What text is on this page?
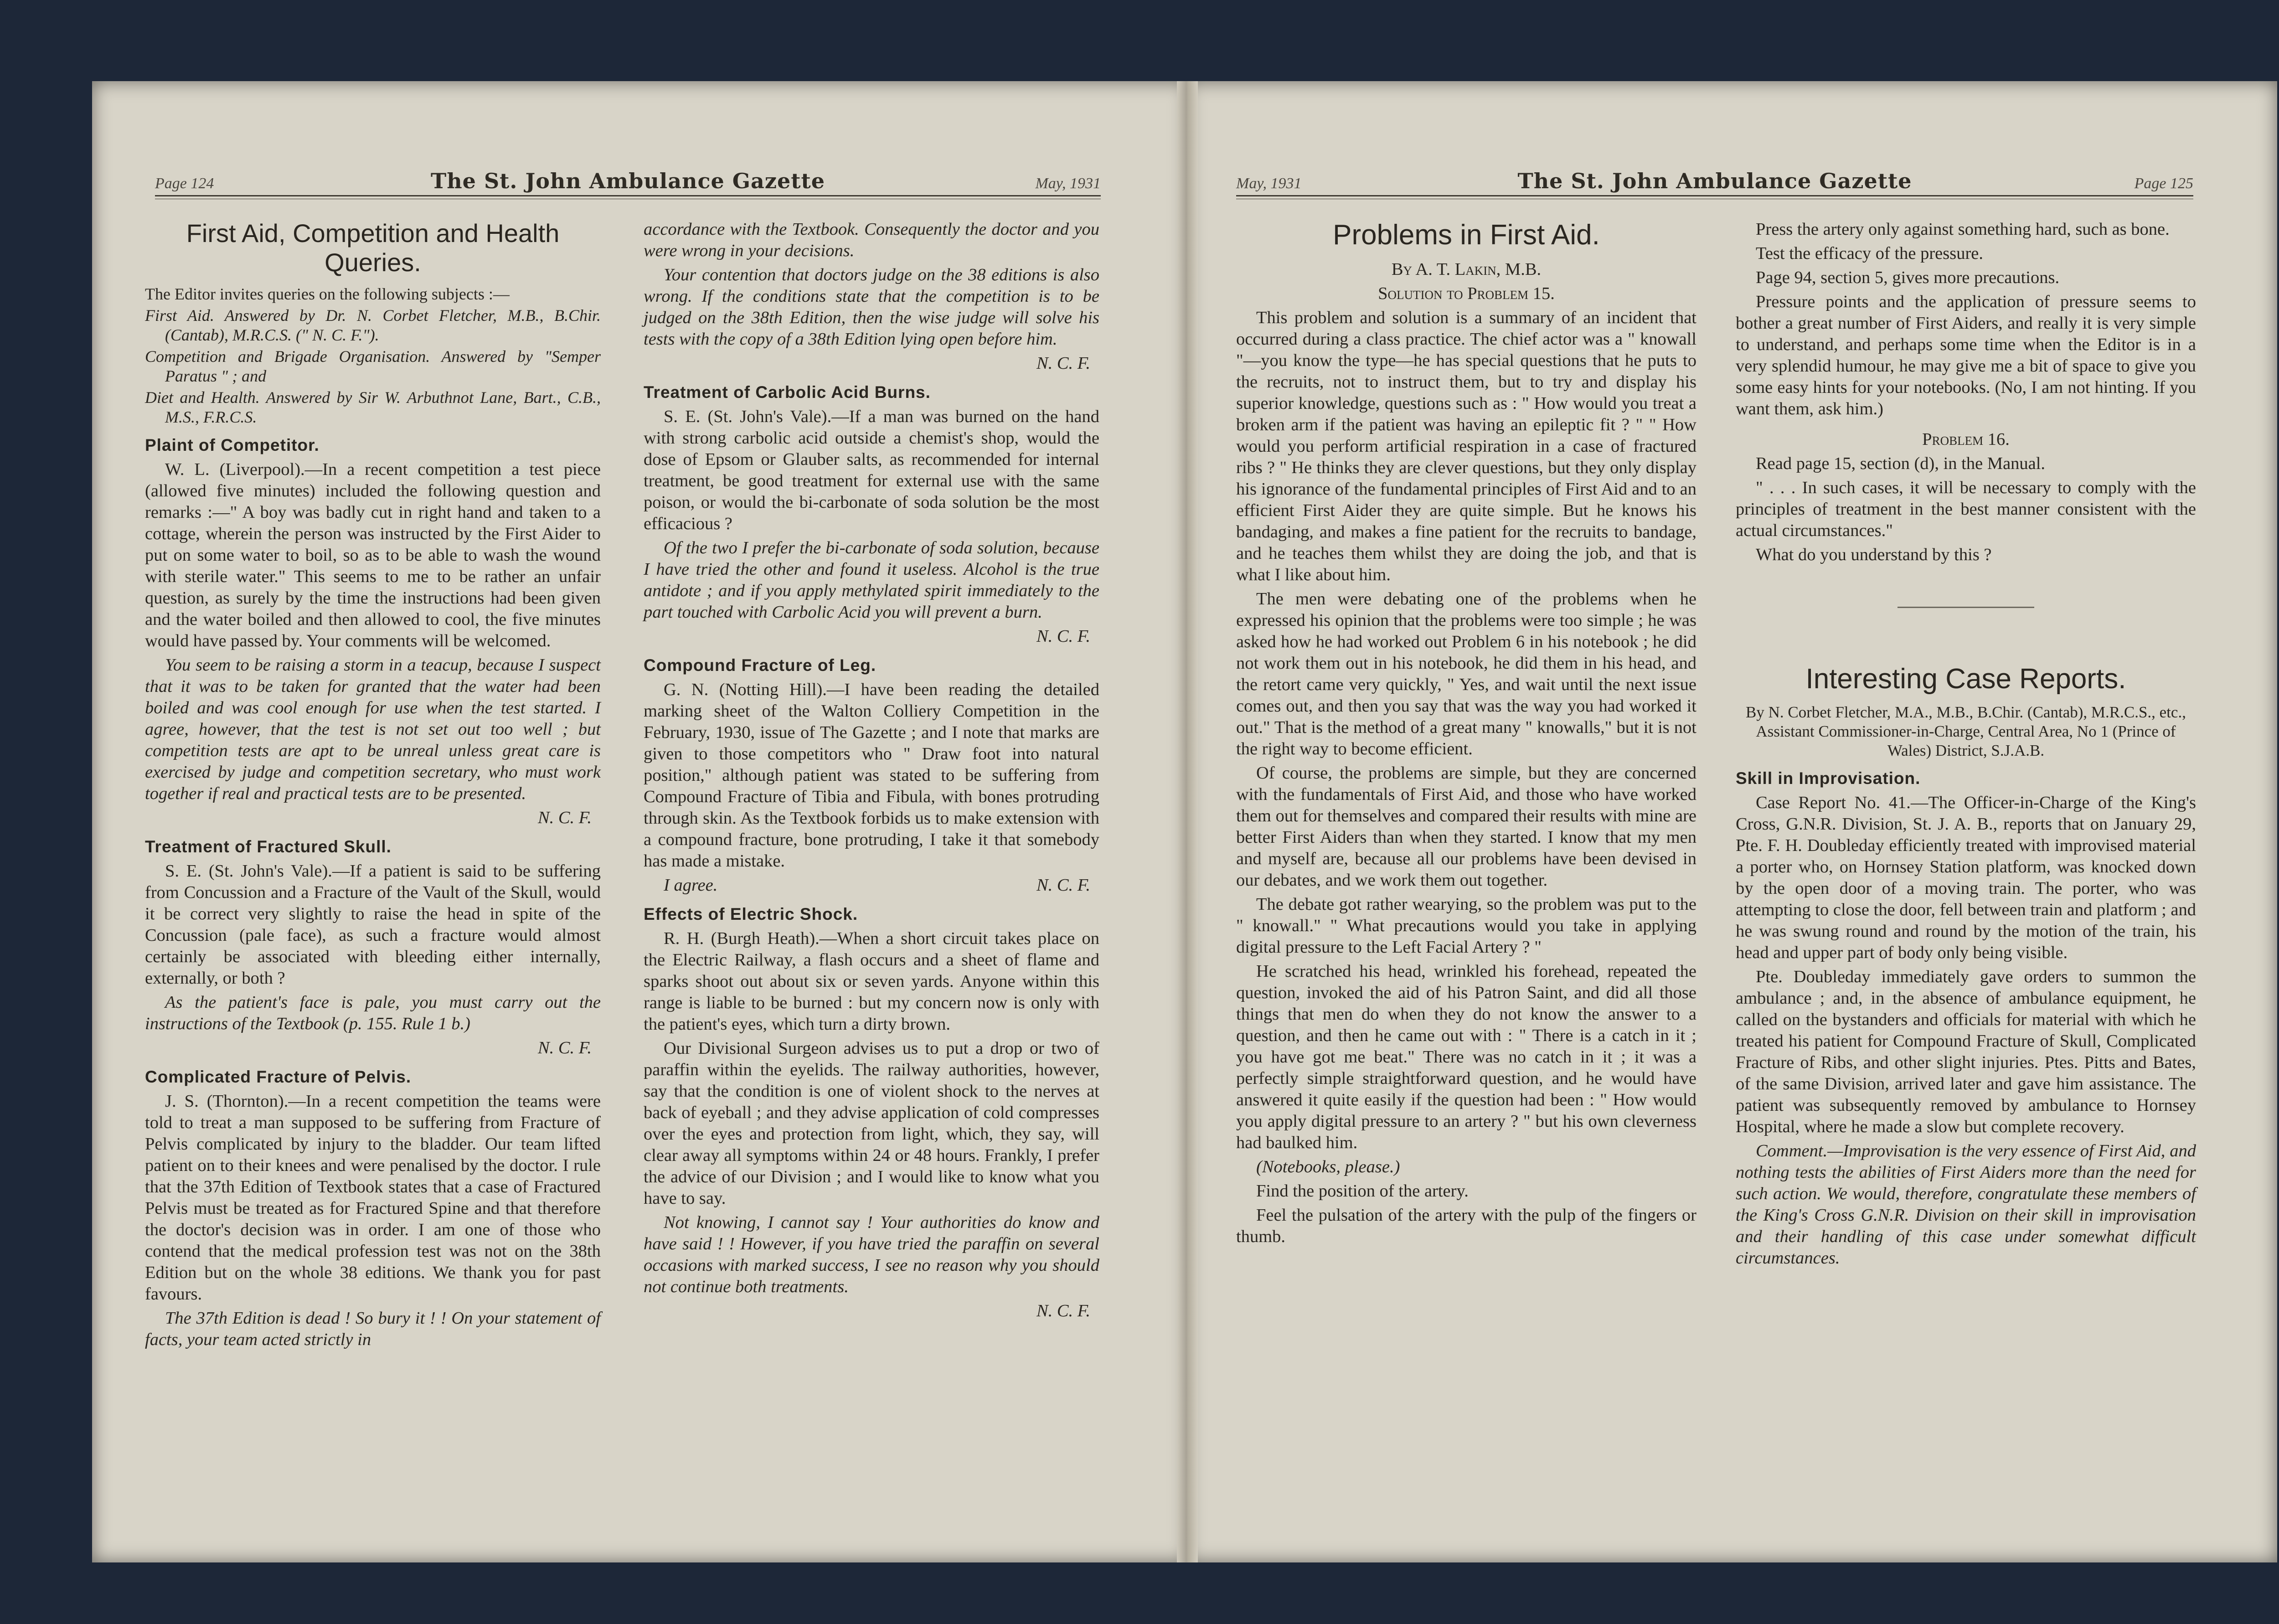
Page 124	The St. John Ambulance Gazette	May, 1931	May, 1931	The St. John Ambulance Gazette	Page 125
First Aid, Competition and Health Queries.

The Editor invites queries on the following subjects :—

First Aid. Answered by Dr. N. Corbet Fletcher, M.B., B.Chir. (Cantab), M.R.C.S. (" N. C. F.").

Competition and Brigade Organisation. Answered by "Semper Paratus " ; and

Diet and Health. Answered by Sir W. Arbuthnot Lane, Bart., C.B., M.S., F.R.C.S.

Plaint of Competitor.

W. L. (Liverpool).—In a recent competition a test piece (allowed five minutes) included the following question and remarks :—" A boy was badly cut in right hand and taken to a cottage, wherein the person was instructed by the First Aider to put on some water to boil, so as to be able to wash the wound with sterile water." This seems to me to be rather an unfair question, as surely by the time the instructions had been given and the water boiled and then allowed to cool, the five minutes would have passed by. Your comments will be welcomed.

You seem to be raising a storm in a teacup, because I suspect that it was to be taken for granted that the water had been boiled and was cool enough for use when the test started. I agree, however, that the test is not set out too well ; but competition tests are apt to be unreal unless great care is exercised by judge and competition secretary, who must work together if real and practical tests are to be presented.

N. C. F.

Treatment of Fractured Skull.

S. E. (St. John's Vale).—If a patient is said to be suffering from Concussion and a Fracture of the Vault of the Skull, would it be correct very slightly to raise the head in spite of the Concussion (pale face), as such a fracture would almost certainly be associated with bleeding either internally, externally, or both ?

As the patient's face is pale, you must carry out the instructions of the Textbook (p. 155. Rule 1 b.)

N. C. F.

Complicated Fracture of Pelvis.

J. S. (Thornton).—In a recent competition the teams were told to treat a man supposed to be suffering from Fracture of Pelvis complicated by injury to the bladder. Our team lifted patient on to their knees and were penalised by the doctor. I rule that the 37th Edition of Textbook states that a case of Fractured Pelvis must be treated as for Fractured Spine and that therefore the doctor's decision was in order. I am one of those who contend that the medical profession test was not on the 38th Edition but on the whole 38 editions. We thank you for past favours.

The 37th Edition is dead ! So bury it ! ! On your statement of facts, your team acted strictly in

accordance with the Textbook. Consequently the doctor and you were wrong in your decisions.

Your contention that doctors judge on the 38 editions is also wrong. If the conditions state that the competition is to be judged on the 38th Edition, then the wise judge will solve his tests with the copy of a 38th Edition lying open before him.

N. C. F.

Treatment of Carbolic Acid Burns.

S. E. (St. John's Vale).—If a man was burned on the hand with strong carbolic acid outside a chemist's shop, would the dose of Epsom or Glauber salts, as recommended for internal treatment, be good treatment for external use with the same poison, or would the bi-carbonate of soda solution be the most efficacious ?

Of the two I prefer the bi-carbonate of soda solution, because I have tried the other and found it useless. Alcohol is the true antidote ; and if you apply methylated spirit immediately to the part touched with Carbolic Acid you will prevent a burn.

N. C. F.

Compound Fracture of Leg.

G. N. (Notting Hill).—I have been reading the detailed marking sheet of the Walton Colliery Competition in the February, 1930, issue of The Gazette ; and I note that marks are given to those competitors who " Draw foot into natural position," although patient was stated to be suffering from Compound Fracture of Tibia and Fibula, with bones protruding through skin. As the Textbook forbids us to make extension with a compound fracture, bone protruding, I take it that somebody has made a mistake.

I agree.	N. C. F.

Effects of Electric Shock.

R. H. (Burgh Heath).—When a short circuit takes place on the Electric Railway, a flash occurs and a sheet of flame and sparks shoot out about six or seven yards. Anyone within this range is liable to be burned : but my concern now is only with the patient's eyes, which turn a dirty brown.

Our Divisional Surgeon advises us to put a drop or two of paraffin within the eyelids. The railway authorities, however, say that the condition is one of violent shock to the nerves at back of eyeball ; and they advise application of cold compresses over the eyes and protection from light, which, they say, will clear away all symptoms within 24 or 48 hours. Frankly, I prefer the advice of our Division ; and I would like to know what you have to say.

Not knowing, I cannot say ! Your authorities do know and have said ! ! However, if you have tried the paraffin on several occasions with marked success, I see no reason why you should not continue both treatments.

N. C. F.

Problems in First Aid.

By A. T. Lakin, M.B.

Solution to Problem 15.

This problem and solution is a summary of an incident that occurred during a class practice. The chief actor was a " knowall "—you know the type—he has special questions that he puts to the recruits, not to instruct them, but to try and display his superior knowledge, questions such as : " How would you treat a broken arm if the patient was having an epileptic fit ? " " How would you perform artificial respiration in a case of fractured ribs ? " He thinks they are clever questions, but they only display his ignorance of the fundamental principles of First Aid and to an efficient First Aider they are quite simple. But he knows his bandaging, and makes a fine patient for the recruits to bandage, and he teaches them whilst they are doing the job, and that is what I like about him.

The men were debating one of the problems when he expressed his opinion that the problems were too simple ; he was asked how he had worked out Problem 6 in his notebook ; he did not work them out in his notebook, he did them in his head, and the retort came very quickly, " Yes, and wait until the next issue comes out, and then you say that was the way you had worked it out." That is the method of a great many " knowalls," but it is not the right way to become efficient.

Of course, the problems are simple, but they are concerned with the fundamentals of First Aid, and those who have worked them out for themselves and compared their results with mine are better First Aiders than when they started. I know that my men and myself are, because all our problems have been devised in our debates, and we work them out together.

The debate got rather wearying, so the problem was put to the " knowall." " What precautions would you take in applying digital pressure to the Left Facial Artery ? "

He scratched his head, wrinkled his forehead, repeated the question, invoked the aid of his Patron Saint, and did all those things that men do when they do not know the answer to a question, and then he came out with : " There is a catch in it ; you have got me beat." There was no catch in it ; it was a perfectly simple straightforward question, and he would have answered it quite easily if the question had been : " How would you apply digital pressure to an artery ? " but his own cleverness had baulked him.

(Notebooks, please.)

Find the position of the artery.

Feel the pulsation of the artery with the pulp of the fingers or thumb.

Press the artery only against something hard, such as bone.

Test the efficacy of the pressure.

Page 94, section 5, gives more precautions.

Pressure points and the application of pressure seems to bother a great number of First Aiders, and really it is very simple to understand, and perhaps some time when the Editor is in a very splendid humour, he may give me a bit of space to give you some easy hints for your notebooks. (No, I am not hinting. If you want them, ask him.)

Problem 16.

Read page 15, section (d), in the Manual.

" . . . In such cases, it will be necessary to comply with the principles of treatment in the best manner consistent with the actual circumstances."

What do you understand by this ?

Interesting Case Reports.

By N. Corbet Fletcher, M.A., M.B., B.Chir. (Cantab), M.R.C.S., etc., Assistant Commissioner-in-Charge, Central Area, No 1 (Prince of Wales) District, S.J.A.B.

Skill in Improvisation.

Case Report No. 41.—The Officer-in-Charge of the King's Cross, G.N.R. Division, St. J. A. B., reports that on January 29, Pte. F. H. Doubleday efficiently treated with improvised material a porter who, on Hornsey Station platform, was knocked down by the open door of a moving train. The porter, who was attempting to close the door, fell between train and platform ; and he was swung round and round by the motion of the train, his head and upper part of body only being visible.

Pte. Doubleday immediately gave orders to summon the ambulance ; and, in the absence of ambulance equipment, he called on the bystanders and officials for material with which he treated his patient for Compound Fracture of Skull, Complicated Fracture of Ribs, and other slight injuries. Ptes. Pitts and Bates, of the same Division, arrived later and gave him assistance. The patient was subsequently removed by ambulance to Hornsey Hospital, where he made a slow but complete recovery.

Comment.—Improvisation is the very essence of First Aid, and nothing tests the abilities of First Aiders more than the need for such action. We would, therefore, congratulate these members of the King's Cross G.N.R. Division on their skill in improvisation and their handling of this case under somewhat difficult circumstances.
